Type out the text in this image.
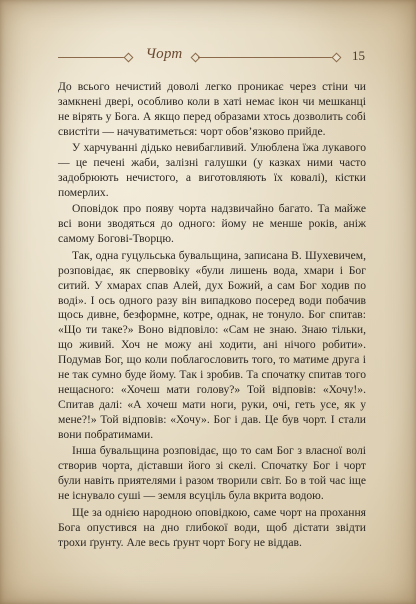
Чорт	15

До всього нечистий доволі легко проникає через стіни чи замкнені двері, особливо коли в хаті немає ікон чи мешканці не вірять у Бога. А якщо перед образами хтось дозволить собі свистіти — начуватиметься: чорт обов’язково прийде.

У харчуванні дідько невибагливий. Улюблена їжа лукавого — це печені жаби, залізні галушки (у казках ними часто задобрюють нечистого, а виготовляють їх ковалі), кістки померлих.

Оповідок про появу чорта надзвичайно багато. Та майже всі вони зводяться до одного: йому не менше років, аніж самому Богові-Творцю.

Так, одна гуцульська бувальщина, записана В. Шухевичем, розповідає, як спервовіку «були лишень вода, хмари і Бог ситий. У хмарах спав Алей, дух Божий, а сам Бог ходив по воді». І ось одного разу він випадково посеред води побачив щось дивне, безформне, котре, однак, не тонуло. Бог спитав: «Що ти таке?» Воно відповіло: «Сам не знаю. Знаю тільки, що живий. Хоч не можу ані ходити, ані нічого робити». Подумав Бог, що коли поблагословить того, то матиме друга і не так сумно буде йому. Так і зробив. Та спочатку спитав того нещасного: «Хочеш мати голову?» Той відповів: «Хочу!». Спитав далі: «А хочеш мати ноги, руки, очі, геть усе, як у мене?!» Той відповів: «Хочу». Бог і дав. Це був чорт. І стали вони побратимами.

Інша бувальщина розповідає, що то сам Бог з власної волі створив чорта, діставши його зі скелі. Спочатку Бог і чорт були навіть приятелями і разом творили світ. Бо в той час іще не існувало суші — земля всуціль була вкрита водою.

Ще за однією народною оповідкою, саме чорт на прохання Бога опустився на дно глибокої води, щоб дістати звідти трохи ґрунту. Але весь ґрунт чорт Богу не віддав.
